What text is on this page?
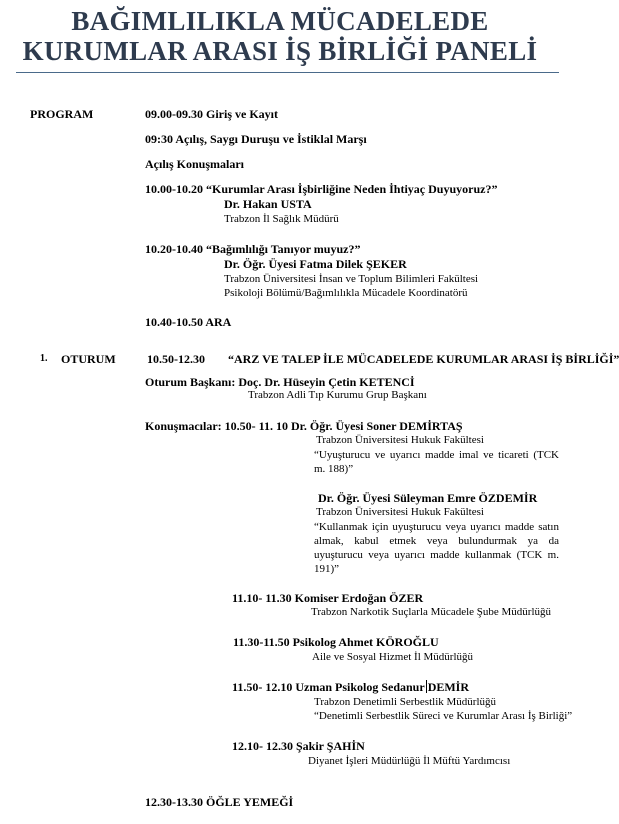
BAĞIMLILIKLA MÜCADELEDE
KURUMLAR ARASI İŞ BİRLİĞİ PANELİ
PROGRAM	09.00-09.30 Giriş ve Kayıt
09:30 Açılış, Saygı Duruşu ve İstiklal Marşı
Açılış Konuşmaları
10.00-10.20 “Kurumlar Arası İşbirliğine Neden İhtiyaç Duyuyoruz?”
Dr. Hakan USTA
Trabzon İl Sağlık Müdürü
10.20-10.40 “Bağımlılığı Tanıyor muyuz?”
Dr. Öğr. Üyesi Fatma Dilek ŞEKER
Trabzon Üniversitesi İnsan ve Toplum Bilimleri Fakültesi
Psikoloji Bölümü/Bağımlılıkla Mücadele Koordinatörü
10.40-10.50 ARA
1. OTURUM	10.50-12.30 “ARZ VE TALEP İLE MÜCADELEDE KURUMLAR ARASI İŞ BİRLİĞİ”
Oturum Başkanı: Doç. Dr. Hüseyin Çetin KETENCİ
Trabzon Adli Tıp Kurumu Grup Başkanı
Konuşmacılar: 10.50- 11. 10 Dr. Öğr. Üyesi Soner DEMİRTAŞ
Trabzon Üniversitesi Hukuk Fakültesi
“Uyuşturucu ve uyarıcı madde imal ve ticareti (TCK m. 188)”
Dr. Öğr. Üyesi Süleyman Emre ÖZDEMİR
Trabzon Üniversitesi Hukuk Fakültesi
“Kullanmak için uyuşturucu veya uyarıcı madde satın almak, kabul etmek veya bulundurmak ya da uyuşturucu veya uyarıcı madde kullanmak (TCK m. 191)”
11.10- 11.30 Komiser Erdoğan ÖZER
Trabzon Narkotik Suçlarla Mücadele Şube Müdürlüğü
11.30-11.50 Psikolog Ahmet KÖROĞLU
Aile ve Sosyal Hizmet İl Müdürlüğü
11.50- 12.10 Uzman Psikolog Sedanur DEMİR
Trabzon Denetimli Serbestlik Müdürlüğü
“Denetimli Serbestlik Süreci ve Kurumlar Arası İş Birliği”
12.10- 12.30 Şakir ŞAHİN
Diyanet İşleri Müdürlüğü İl Müftü Yardımcısı
12.30-13.30 ÖĞLE YEMEĞİ
